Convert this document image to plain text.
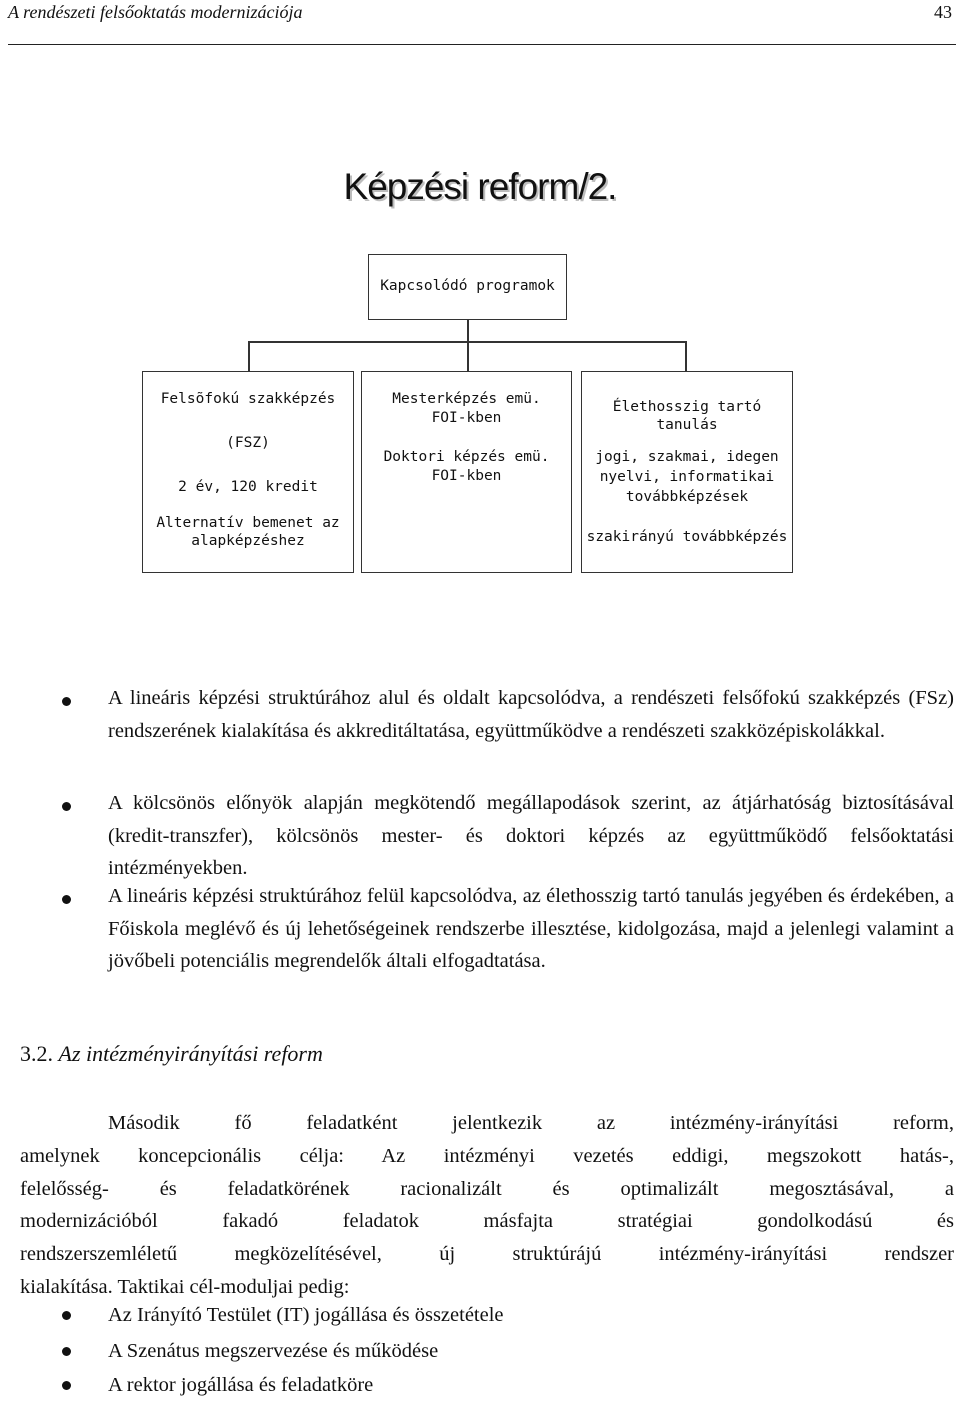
A rendészeti felsőoktatás modernizációja	43
Képzési reform/2.
Kapcsolódó programok
Felsõfokú szakképzés
(FSZ)
2 év, 120 kredit
Alternatív bemenet az
alapképzéshez
Mesterképzés emü.
FOI-kben
Doktori képzés emü.
FOI-kben
Élethosszig tartó tanulás
jogi, szakmai, idegen
nyelvi, informatikai
továbbképzések
szakirányú továbbképzés
A lineáris képzési struktúrához alul és oldalt kapcsolódva, a rendészeti felsőfokú szakképzés (FSz) rendszerének kialakítása és akkreditáltatása, együttműködve a rendészeti szakközépiskolákkal.
A kölcsönös előnyök alapján megkötendő megállapodások szerint, az átjárhatóság biztosításával (kredit-transzfer), kölcsönös mester- és doktori képzés az együttműködő felsőoktatási intézményekben.
A lineáris képzési struktúrához felül kapcsolódva, az élethosszig tartó tanulás jegyében és érdekében, a Főiskola meglévő és új lehetőségeinek rendszerbe illesztése, kidolgozása, majd a jelenlegi valamint a jövőbeli potenciális megrendelők általi elfogadtatása.
3.2. Az intézményirányítási reform
Második fő feladatként jelentkezik az intézmény-irányítási reform,
amelynek koncepcionális célja: Az intézményi vezetés eddigi, megszokott hatás-,
felelősség- és feladatkörének racionalizált és optimalizált megosztásával, a
modernizációból fakadó feladatok másfajta stratégiai gondolkodású és
rendszerszemléletű megközelítésével, új struktúrájú intézmény-irányítási rendszer
kialakítása. Taktikai cél-moduljai pedig:
Az Irányító Testület (IT) jogállása és összetétele
A Szenátus megszervezése és működése
A rektor jogállása és feladatköre
